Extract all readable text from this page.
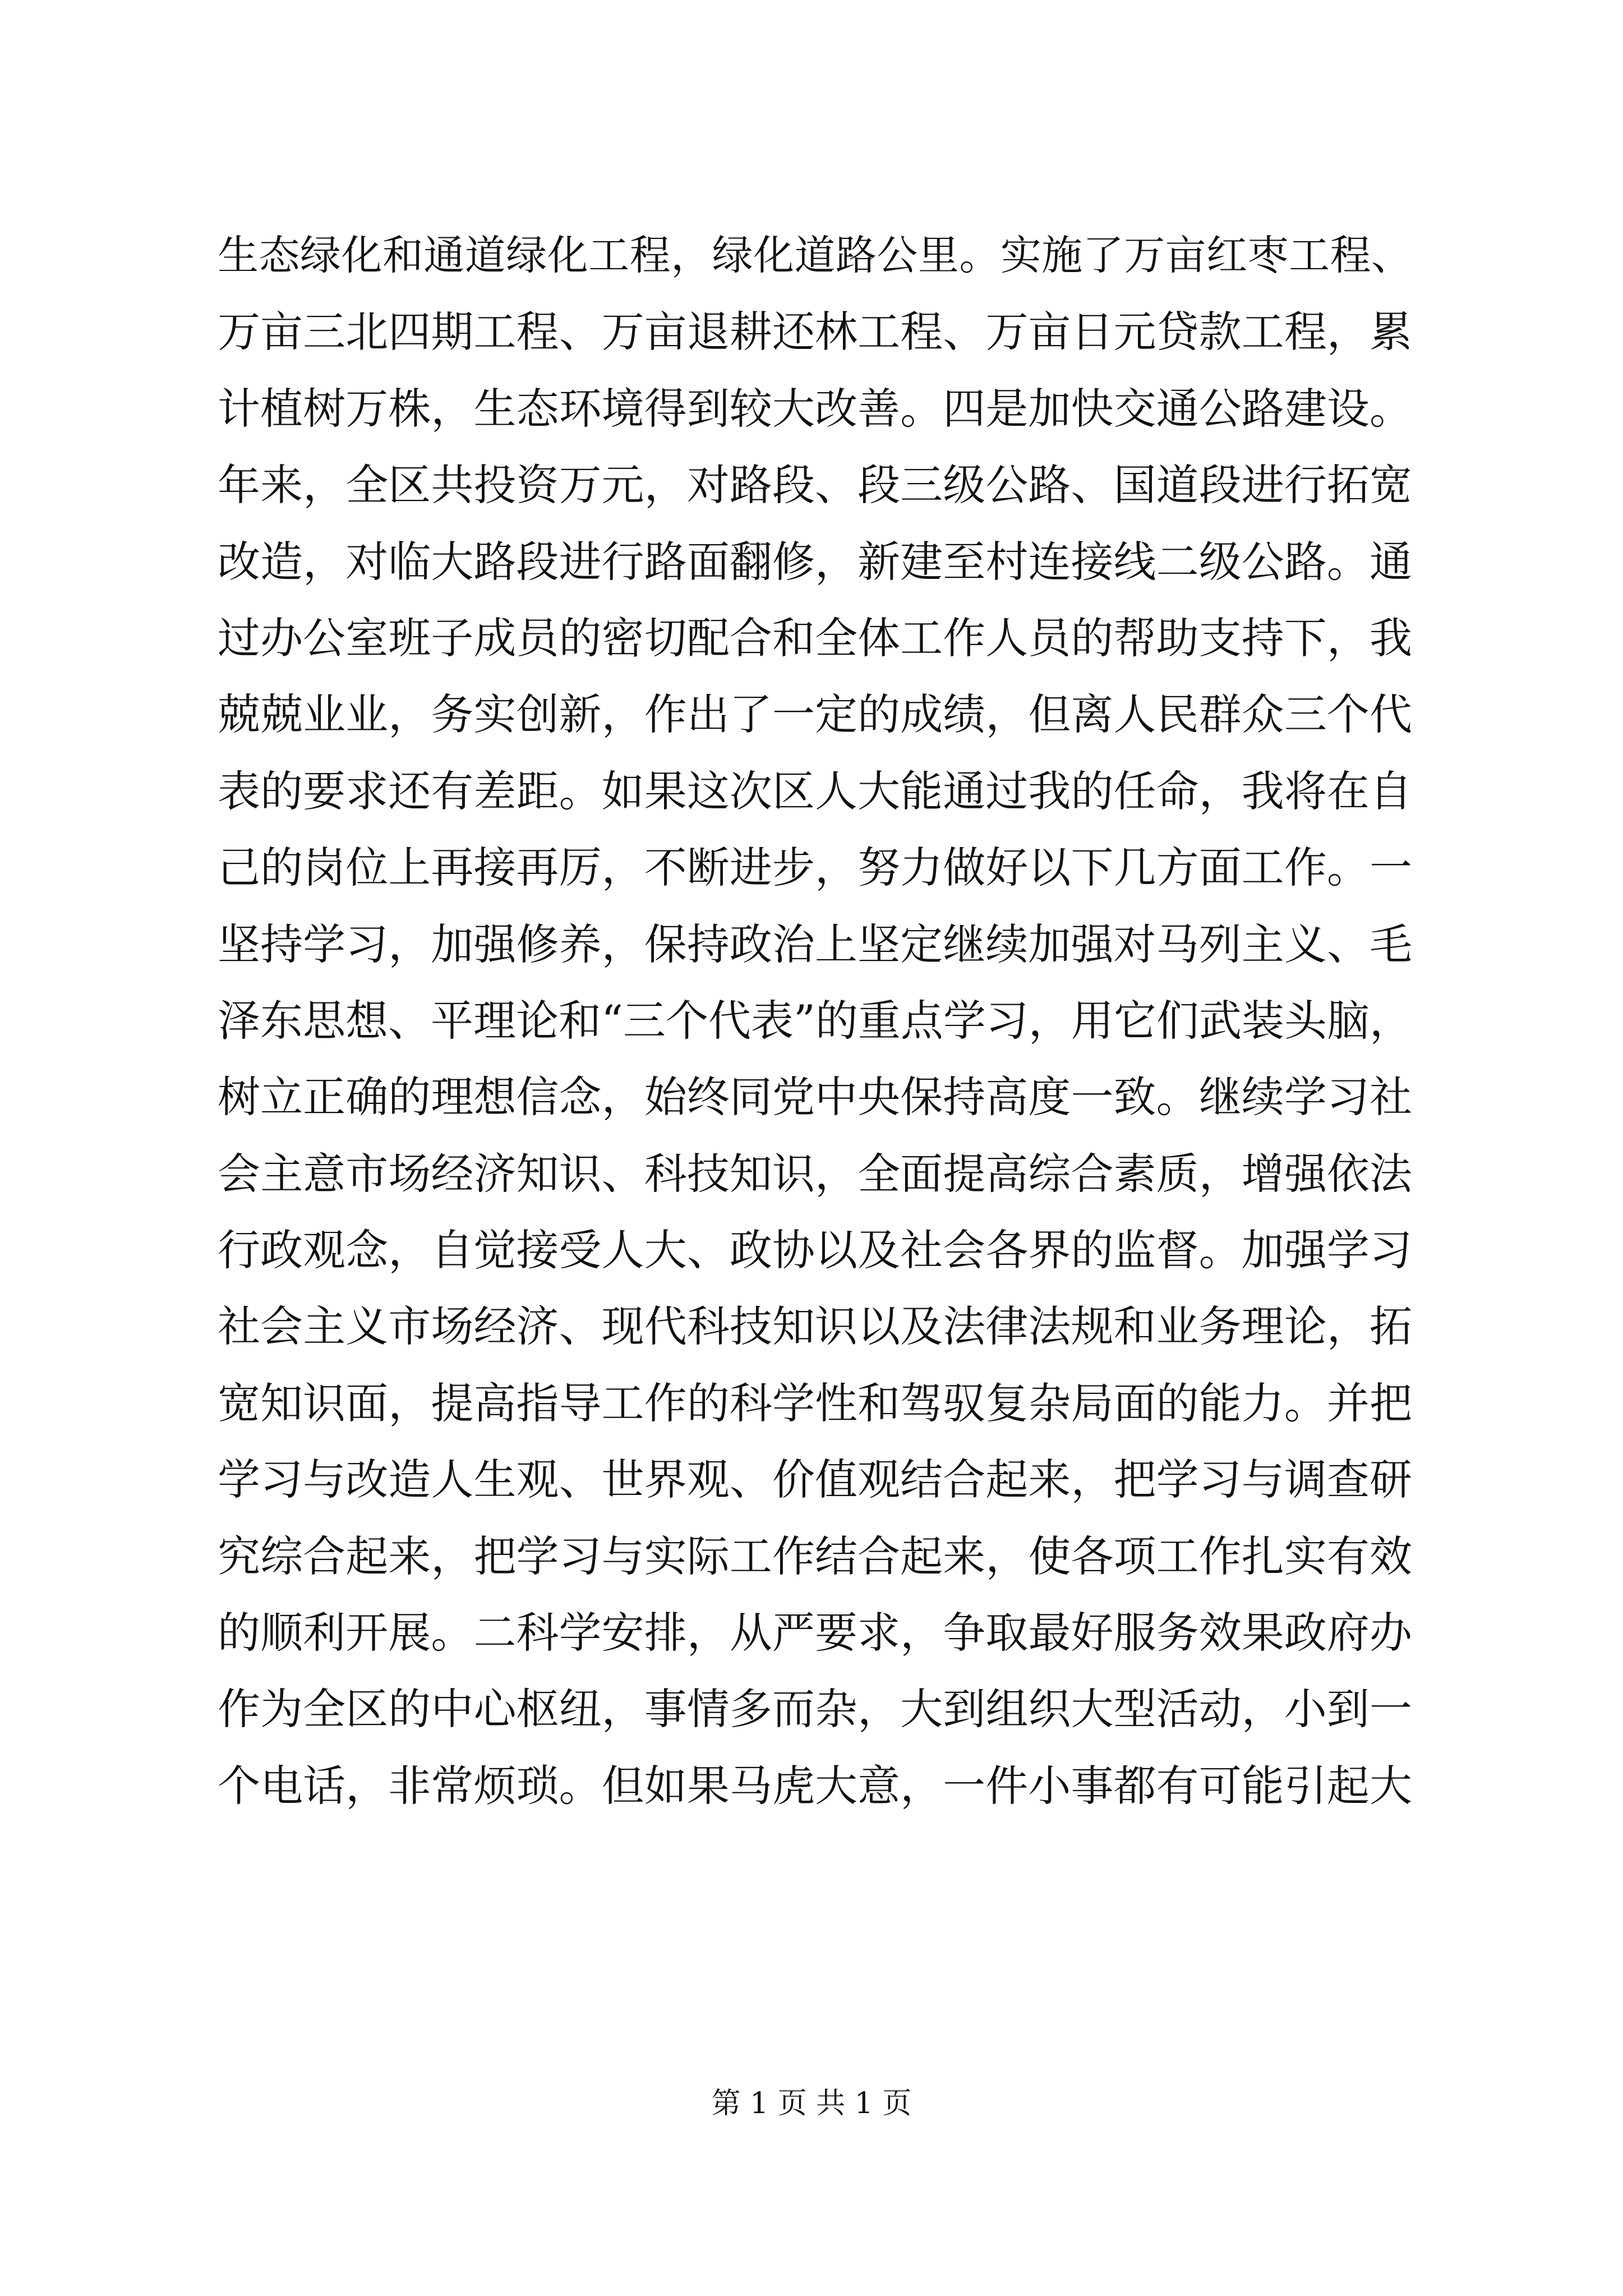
生态绿化和通道绿化工程，绿化道路公里。实施了万亩红枣工程、
万亩三北四期工程、万亩退耕还林工程、万亩日元贷款工程，累
计植树万株，生态环境得到较大改善。四是加快交通公路建设。
年来，全区共投资万元，对路段、段三级公路、国道段进行拓宽
改造，对临大路段进行路面翻修，新建至村连接线二级公路。通
过办公室班子成员的密切配合和全体工作人员的帮助支持下，我
兢兢业业，务实创新，作出了一定的成绩，但离人民群众三个代
表的要求还有差距。如果这次区人大能通过我的任命，我将在自
己的岗位上再接再厉，不断进步，努力做好以下几方面工作。一
坚持学习，加强修养，保持政治上坚定继续加强对马列主义、毛
泽东思想、平理论和“三个代表”的重点学习，用它们武装头脑，
树立正确的理想信念，始终同党中央保持高度一致。继续学习社
会主意市场经济知识、科技知识，全面提高综合素质，增强依法
行政观念，自觉接受人大、政协以及社会各界的监督。加强学习
社会主义市场经济、现代科技知识以及法律法规和业务理论，拓
宽知识面，提高指导工作的科学性和驾驭复杂局面的能力。并把
学习与改造人生观、世界观、价值观结合起来，把学习与调查研
究综合起来，把学习与实际工作结合起来，使各项工作扎实有效
的顺利开展。二科学安排，从严要求，争取最好服务效果政府办
作为全区的中心枢纽，事情多而杂，大到组织大型活动，小到一
个电话，非常烦琐。但如果马虎大意，一件小事都有可能引起大
第 1 页 共 1 页
